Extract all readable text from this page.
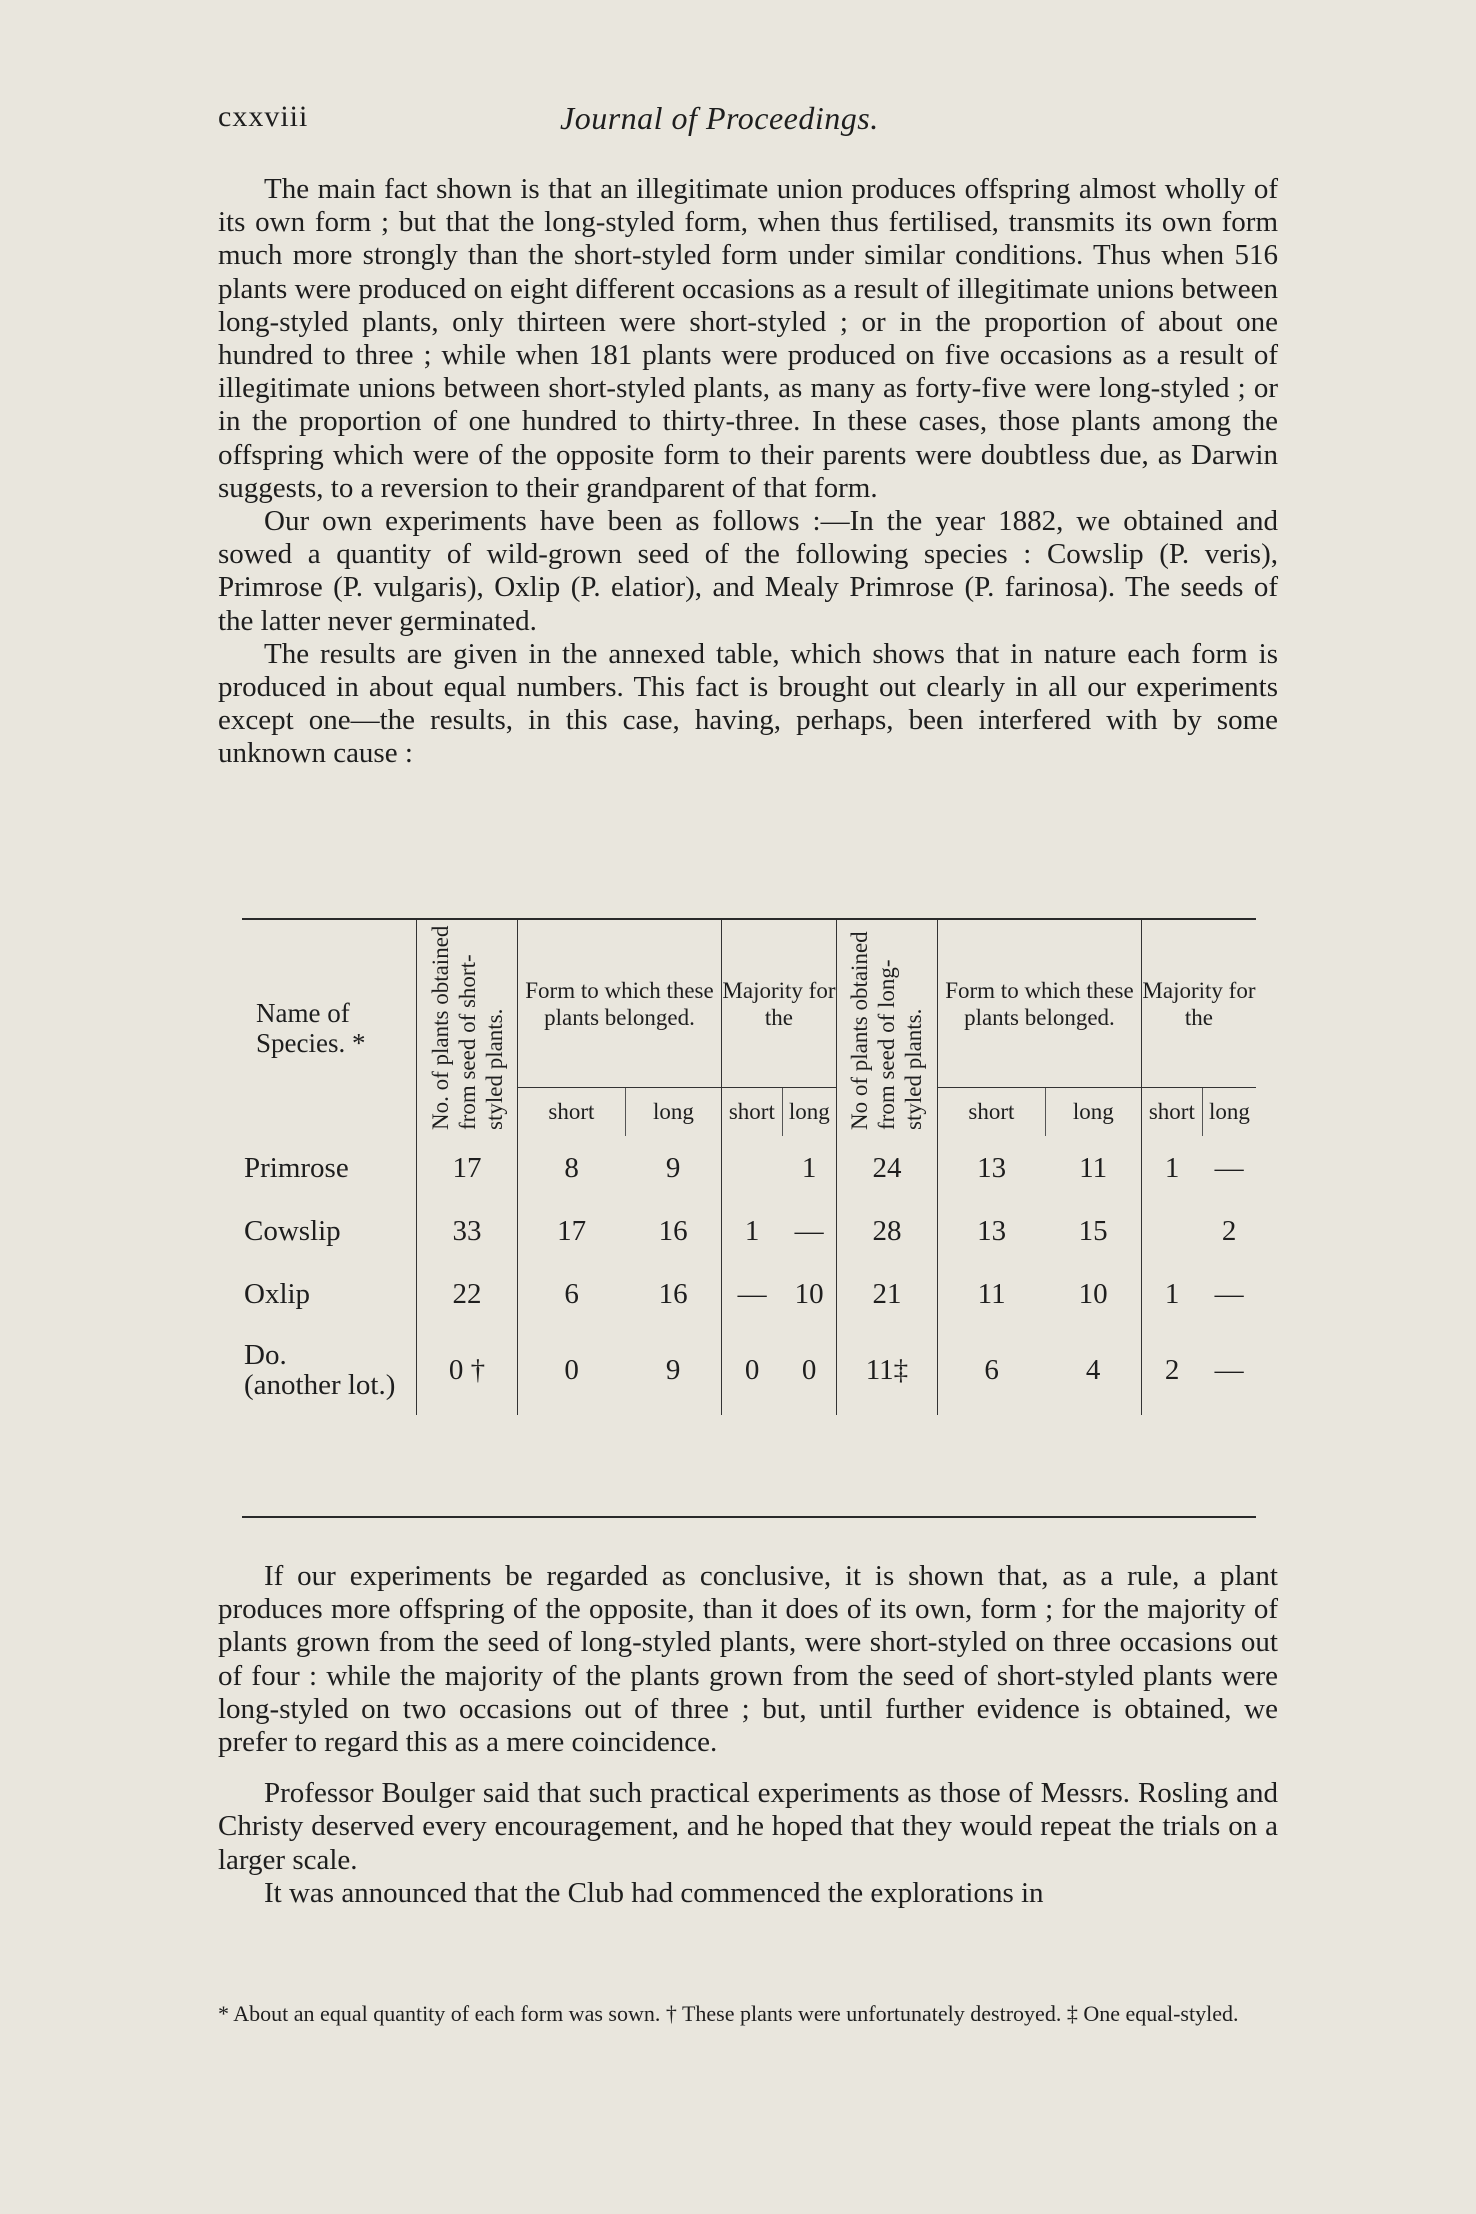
cxxviii	Journal of Proceedings.

The main fact shown is that an illegitimate union produces offspring almost wholly of its own form ; but that the long-styled form, when thus fertilised, transmits its own form much more strongly than the short-styled form under similar conditions. Thus when 516 plants were produced on eight different occasions as a result of illegitimate unions between long-styled plants, only thirteen were short-styled ; or in the proportion of about one hundred to three ; while when 181 plants were produced on five occasions as a result of illegitimate unions between short-styled plants, as many as forty-five were long-styled ; or in the proportion of one hundred to thirty-three. In these cases, those plants among the offspring which were of the opposite form to their parents were doubtless due, as Darwin suggests, to a reversion to their grandparent of that form.

Our own experiments have been as follows :—In the year 1882, we obtained and sowed a quantity of wild-grown seed of the following species : Cowslip (P. veris), Primrose (P. vulgaris), Oxlip (P. elatior), and Mealy Primrose (P. farinosa). The seeds of the latter never germinated.

The results are given in the annexed table, which shows that in nature each form is produced in about equal numbers. This fact is brought out clearly in all our experiments except one—the results, in this case, having, perhaps, been interfered with by some unknown cause :

Name of Species. *	No. of plants obtained from seed of short-styled plants.	Form to which these plants belonged.		Majority for the		No of plants obtained from seed of long-styled plants.	Form to which these plants belonged.		Majority for the	
		short	long	short	long		short	long	short	long
Primrose	17	8	9		1	24	13	11	1	—
Cowslip	33	17	16	1	—	28	13	15		2
Oxlip	22	6	16	—	10	21	11	10	1	—
Do.
(another lot.)	0 †	0	9	0	0	11‡	6	4	2	—

If our experiments be regarded as conclusive, it is shown that, as a rule, a plant produces more offspring of the opposite, than it does of its own, form ; for the majority of plants grown from the seed of long-styled plants, were short-styled on three occasions out of four : while the majority of the plants grown from the seed of short-styled plants were long-styled on two occasions out of three ; but, until further evidence is obtained, we prefer to regard this as a mere coincidence.

Professor Boulger said that such practical experiments as those of Messrs. Rosling and Christy deserved every encouragement, and he hoped that they would repeat the trials on a larger scale.

It was announced that the Club had commenced the explorations in

* About an equal quantity of each form was sown. † These plants were unfortunately destroyed. ‡ One equal-styled.
